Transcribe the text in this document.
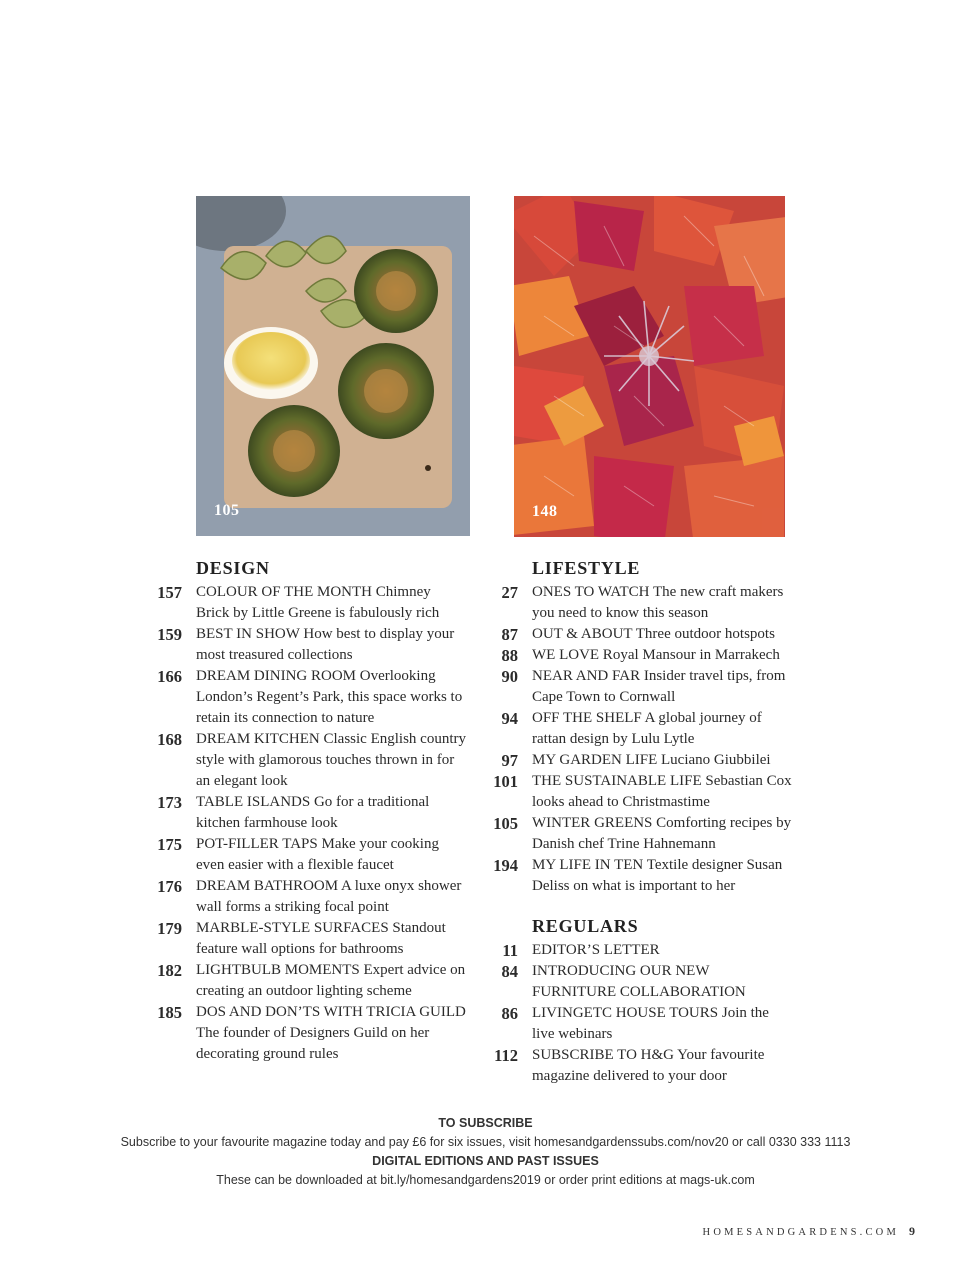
105	148
DESIGN
157 COLOUR OF THE MONTH Chimney Brick by Little Greene is fabulously rich
159 BEST IN SHOW How best to display your most treasured collections
166 DREAM DINING ROOM Overlooking London’s Regent’s Park, this space works to retain its connection to nature
168 DREAM KITCHEN Classic English country style with glamorous touches thrown in for an elegant look
173 TABLE ISLANDS Go for a traditional kitchen farmhouse look
175 POT-FILLER TAPS Make your cooking even easier with a flexible faucet
176 DREAM BATHROOM A luxe onyx shower wall forms a striking focal point
179 MARBLE-STYLE SURFACES Standout feature wall options for bathrooms
182 LIGHTBULB MOMENTS Expert advice on creating an outdoor lighting scheme
185 DOS AND DON’TS WITH TRICIA GUILD The founder of Designers Guild on her decorating ground rules
LIFESTYLE
27 ONES TO WATCH The new craft makers you need to know this season
87 OUT & ABOUT Three outdoor hotspots
88 WE LOVE Royal Mansour in Marrakech
90 NEAR AND FAR Insider travel tips, from Cape Town to Cornwall
94 OFF THE SHELF A global journey of rattan design by Lulu Lytle
97 MY GARDEN LIFE Luciano Giubbilei
101 THE SUSTAINABLE LIFE Sebastian Cox looks ahead to Christmastime
105 WINTER GREENS Comforting recipes by Danish chef Trine Hahnemann
194 MY LIFE IN TEN Textile designer Susan Deliss on what is important to her
REGULARS
11 EDITOR’S LETTER
84 INTRODUCING OUR NEW FURNITURE COLLABORATION
86 LIVINGETC HOUSE TOURS Join the live webinars
112 SUBSCRIBE TO H&G Your favourite magazine delivered to your door
TO SUBSCRIBE
Subscribe to your favourite magazine today and pay £6 for six issues, visit homesandgardenssubs.com/nov20 or call 0330 333 1113
DIGITAL EDITIONS AND PAST ISSUES
These can be downloaded at bit.ly/homesandgardens2019 or order print editions at mags-uk.com
HOMESANDGARDENS.COM 9
